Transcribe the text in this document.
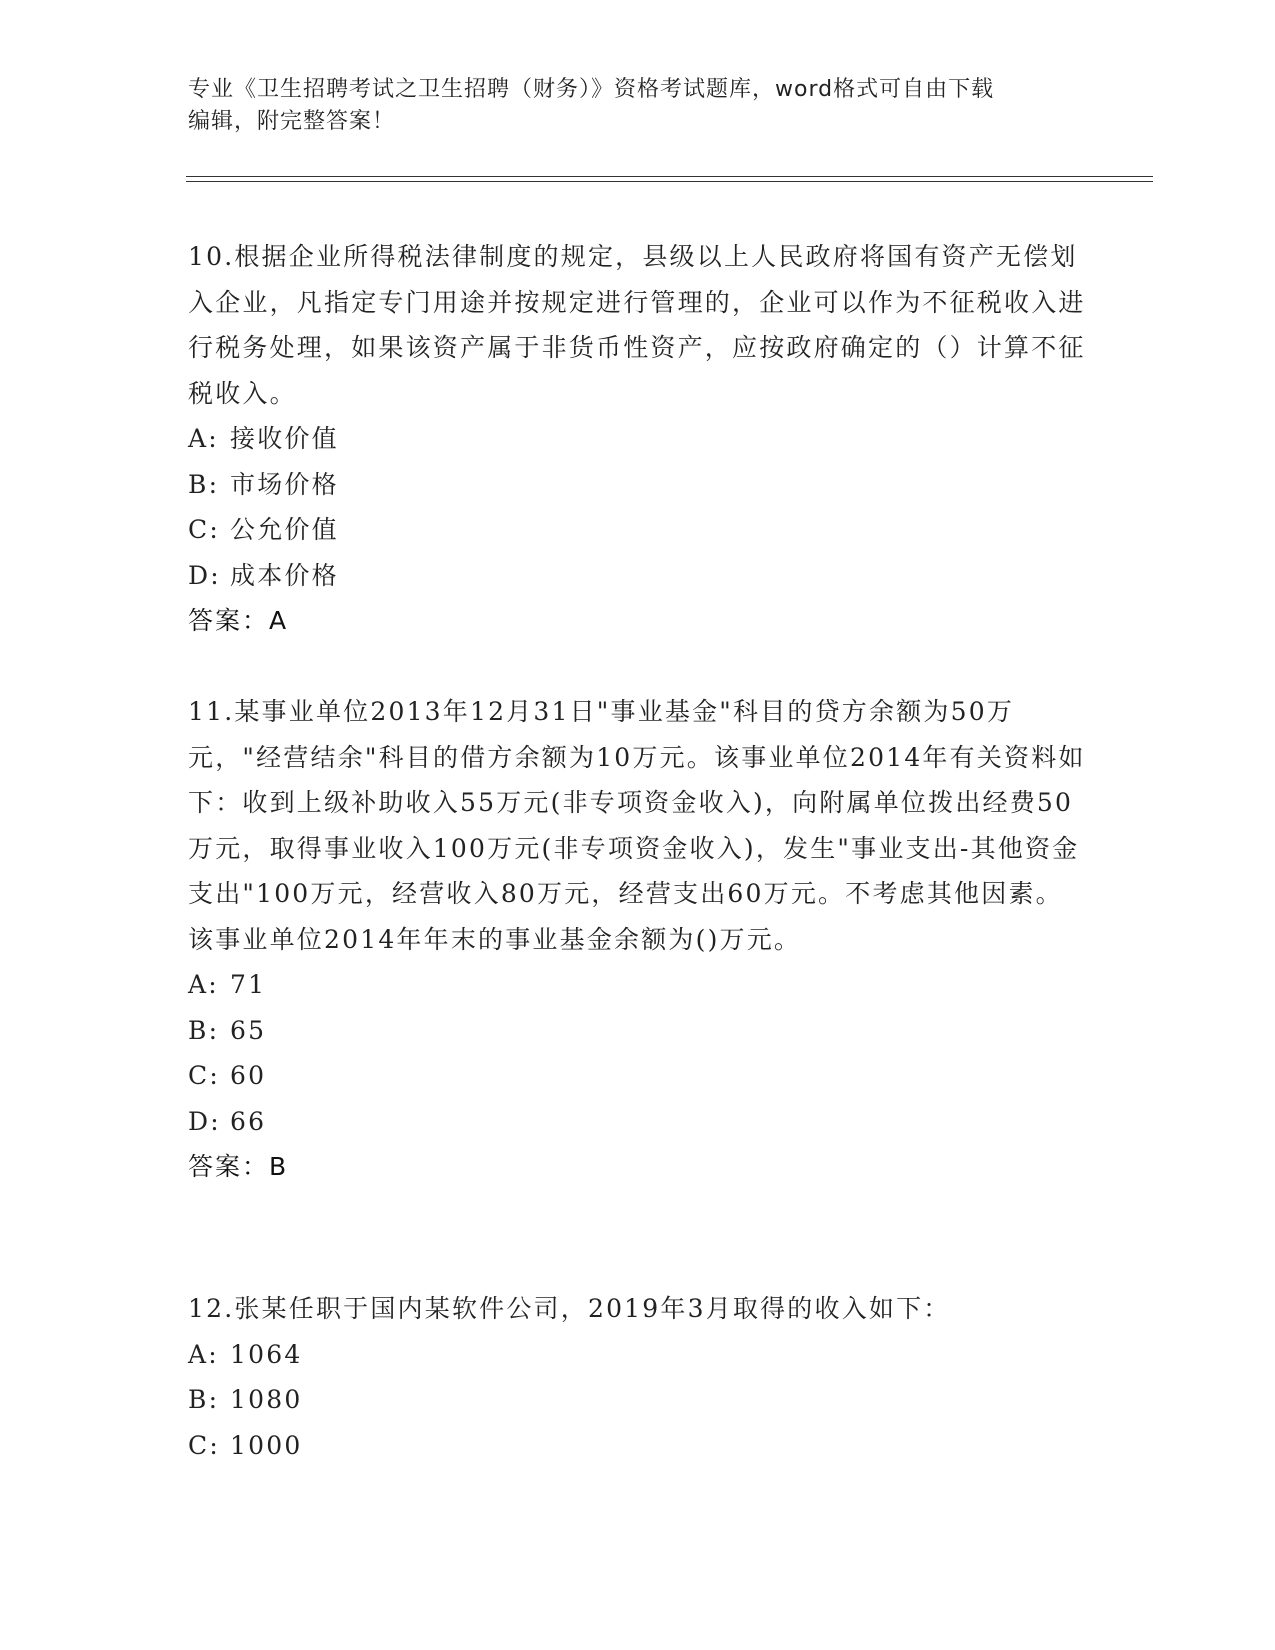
专业《卫生招聘考试之卫生招聘（财务）》资格考试题库，word格式可自由下载
编辑，附完整答案！

10.根据企业所得税法律制度的规定，县级以上人民政府将国有资产无偿划入企业，凡指定专门用途并按规定进行管理的，企业可以作为不征税收入进行税务处理，如果该资产属于非货币性资产，应按政府确定的（）计算不征税收入。

A: 接收价值
B: 市场价格
C: 公允价值
D: 成本价格
答案：A

11.某事业单位2013年12月31日"事业基金"科目的贷方余额为50万元，"经营结余"科目的借方余额为10万元。该事业单位2014年有关资料如下：收到上级补助收入55万元(非专项资金收入)，向附属单位拨出经费50万元，取得事业收入100万元(非专项资金收入)，发生"事业支出-其他资金支出"100万元，经营收入80万元，经营支出60万元。不考虑其他因素。该事业单位2014年年末的事业基金余额为()万元。

A: 71
B: 65
C: 60
D: 66
答案：B

12.张某任职于国内某软件公司，2019年3月取得的收入如下：

A: 1064
B: 1080
C: 1000
